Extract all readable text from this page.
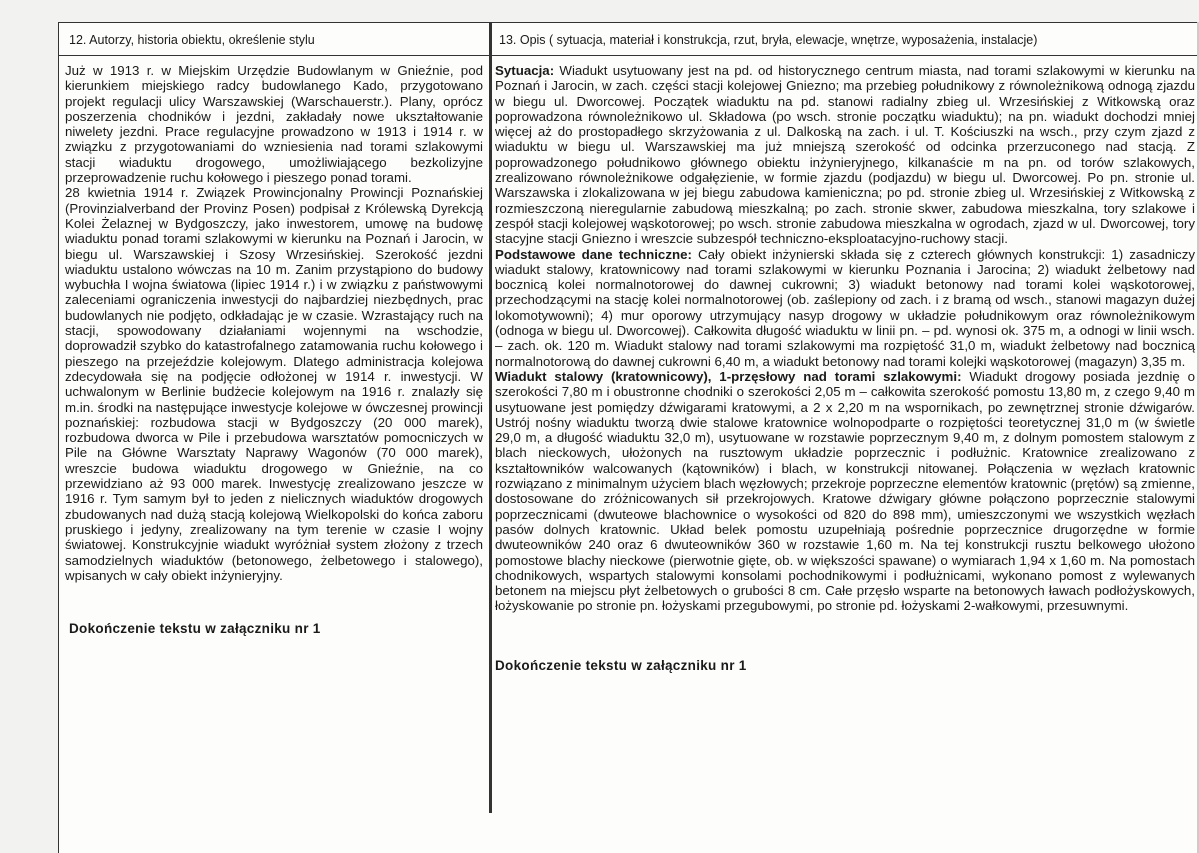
12. Autorzy, historia obiektu, określenie stylu	13. Opis ( sytuacja, materiał i konstrukcja, rzut, bryła, elewacje, wnętrze, wyposażenia, instalacje)

Już w 1913 r. w Miejskim Urzędzie Budowlanym w Gnieźnie, pod kierunkiem miejskiego radcy budowlanego Kado, przygotowano projekt regulacji ulicy Warszawskiej (Warschauerstr.). Plany, oprócz poszerzenia chodników i jezdni, zakładały nowe ukształtowanie niwelety jezdni. Prace regulacyjne prowadzono w 1913 i 1914 r. w związku z przygotowaniami do wzniesienia nad torami szlakowymi stacji wiaduktu drogowego, umożliwiającego bezkolizyjne przeprowadzenie ruchu kołowego i pieszego ponad torami.

28 kwietnia 1914 r. Związek Prowincjonalny Prowincji Poznańskiej (Provinzialverband der Provinz Posen) podpisał z Królewską Dyrekcją Kolei Żelaznej w Bydgoszczy, jako inwestorem, umowę na budowę wiaduktu ponad torami szlakowymi w kierunku na Poznań i Jarocin, w biegu ul. Warszawskiej i Szosy Wrzesińskiej. Szerokość jezdni wiaduktu ustalono wówczas na 10 m. Zanim przystąpiono do budowy wybuchła I wojna światowa (lipiec 1914 r.) i w związku z państwowymi zaleceniami ograniczenia inwestycji do najbardziej niezbędnych, prac budowlanych nie podjęto, odkładając je w czasie. Wzrastający ruch na stacji, spowodowany działaniami wojennymi na wschodzie, doprowadził szybko do katastrofalnego zatamowania ruchu kołowego i pieszego na przejeździe kolejowym. Dlatego administracja kolejowa zdecydowała się na podjęcie odłożonej w 1914 r. inwestycji. W uchwalonym w Berlinie budżecie kolejowym na 1916 r. znalazły się m.in. środki na następujące inwestycje kolejowe w ówczesnej prowincji poznańskiej: rozbudowa stacji w Bydgoszczy (20 000 marek), rozbudowa dworca w Pile i przebudowa warsztatów pomocniczych w Pile na Główne Warsztaty Naprawy Wagonów (70 000 marek), wreszcie budowa wiaduktu drogowego w Gnieźnie, na co przewidziano aż 93 000 marek. Inwestycję zrealizowano jeszcze w 1916 r. Tym samym był to jeden z nielicznych wiaduktów drogowych zbudowanych nad dużą stacją kolejową Wielkopolski do końca zaboru pruskiego i jedyny, zrealizowany na tym terenie w czasie I wojny światowej. Konstrukcyjnie wiadukt wyróżniał system złożony z trzech samodzielnych wiaduktów (betonowego, żelbetowego i stalowego), wpisanych w cały obiekt inżynieryjny.

Dokończenie tekstu w załączniku nr 1

Sytuacja: Wiadukt usytuowany jest na pd. od historycznego centrum miasta, nad torami szlakowymi w kierunku na Poznań i Jarocin, w zach. części stacji kolejowej Gniezno; ma przebieg południkowy z równoleżnikową odnogą zjazdu w biegu ul. Dworcowej. Początek wiaduktu na pd. stanowi radialny zbieg ul. Wrzesińskiej z Witkowską oraz poprowadzona równoleżnikowo ul. Składowa (po wsch. stronie początku wiaduktu); na pn. wiadukt dochodzi mniej więcej aż do prostopadłego skrzyżowania z ul. Dalkoską na zach. i ul. T. Kościuszki na wsch., przy czym zjazd z wiaduktu w biegu ul. Warszawskiej ma już mniejszą szerokość od odcinka przerzuconego nad stacją. Z poprowadzonego południkowo głównego obiektu inżynieryjnego, kilkanaście m na pn. od torów szlakowych, zrealizowano równoleżnikowe odgałęzienie, w formie zjazdu (podjazdu) w biegu ul. Dworcowej. Po pn. stronie ul. Warszawska i zlokalizowana w jej biegu zabudowa kamieniczna; po pd. stronie zbieg ul. Wrzesińskiej z Witkowską z rozmieszczoną nieregularnie zabudową mieszkalną; po zach. stronie skwer, zabudowa mieszkalna, tory szlakowe i zespół stacji kolejowej wąskotorowej; po wsch. stronie zabudowa mieszkalna w ogrodach, zjazd w ul. Dworcowej, tory stacyjne stacji Gniezno i wreszcie subzespół techniczno-eksploatacyjno-ruchowy stacji.

Podstawowe dane techniczne: Cały obiekt inżynierski składa się z czterech głównych konstrukcji: 1) zasadniczy wiadukt stalowy, kratownicowy nad torami szlakowymi w kierunku Poznania i Jarocina; 2) wiadukt żelbetowy nad bocznicą kolei normalnotorowej do dawnej cukrowni; 3) wiadukt betonowy nad torami kolei wąskotorowej, przechodzącymi na stację kolei normalnotorowej (ob. zaślepiony od zach. i z bramą od wsch., stanowi magazyn dużej lokomotywowni); 4) mur oporowy utrzymujący nasyp drogowy w układzie południkowym oraz równoleżnikowym (odnoga w biegu ul. Dworcowej). Całkowita długość wiaduktu w linii pn. – pd. wynosi ok. 375 m, a odnogi w linii wsch. – zach. ok. 120 m. Wiadukt stalowy nad torami szlakowymi ma rozpiętość 31,0 m, wiadukt żelbetowy nad bocznicą normalnotorową do dawnej cukrowni 6,40 m, a wiadukt betonowy nad torami kolejki wąskotorowej (magazyn) 3,35 m.

Wiadukt stalowy (kratownicowy), 1-przęsłowy nad torami szlakowymi: Wiadukt drogowy posiada jezdnię o szerokości 7,80 m i obustronne chodniki o szerokości 2,05 m – całkowita szerokość pomostu 13,80 m, z czego 9,40 m usytuowane jest pomiędzy dźwigarami kratowymi, a 2 x 2,20 m na wspornikach, po zewnętrznej stronie dźwigarów. Ustrój nośny wiaduktu tworzą dwie stalowe kratownice wolnopodparte o rozpiętości teoretycznej 31,0 m (w świetle 29,0 m, a długość wiaduktu 32,0 m), usytuowane w rozstawie poprzecznym 9,40 m, z dolnym pomostem stalowym z blach nieckowych, ułożonych na rusztowym układzie poprzecznic i podłużnic. Kratownice zrealizowano z kształtowników walcowanych (kątowników) i blach, w konstrukcji nitowanej. Połączenia w węzłach kratownic rozwiązano z minimalnym użyciem blach węzłowych; przekroje poprzeczne elementów kratownic (prętów) są zmienne, dostosowane do zróżnicowanych sił przekrojowych. Kratowe dźwigary główne połączono poprzecznie stalowymi poprzecznicami (dwuteowe blachownice o wysokości od 820 do 898 mm), umieszczonymi we wszystkich węzłach pasów dolnych kratownic. Układ belek pomostu uzupełniają pośrednie poprzecznice drugorzędne w formie dwuteowników 240 oraz 6 dwuteowników 360 w rozstawie 1,60 m. Na tej konstrukcji rusztu belkowego ułożono pomostowe blachy nieckowe (pierwotnie gięte, ob. w większości spawane) o wymiarach 1,94 x 1,60 m. Na pomostach chodnikowych, wspartych stalowymi konsolami pochodnikowymi i podłużnicami, wykonano pomost z wylewanych betonem na miejscu płyt żelbetowych o grubości 8 cm. Całe przęsło wsparte na betonowych ławach podłożyskowych, łożyskowanie po stronie pn. łożyskami przegubowymi, po stronie pd. łożyskami 2-wałkowymi, przesuwnymi.

Dokończenie tekstu w załączniku nr 1
